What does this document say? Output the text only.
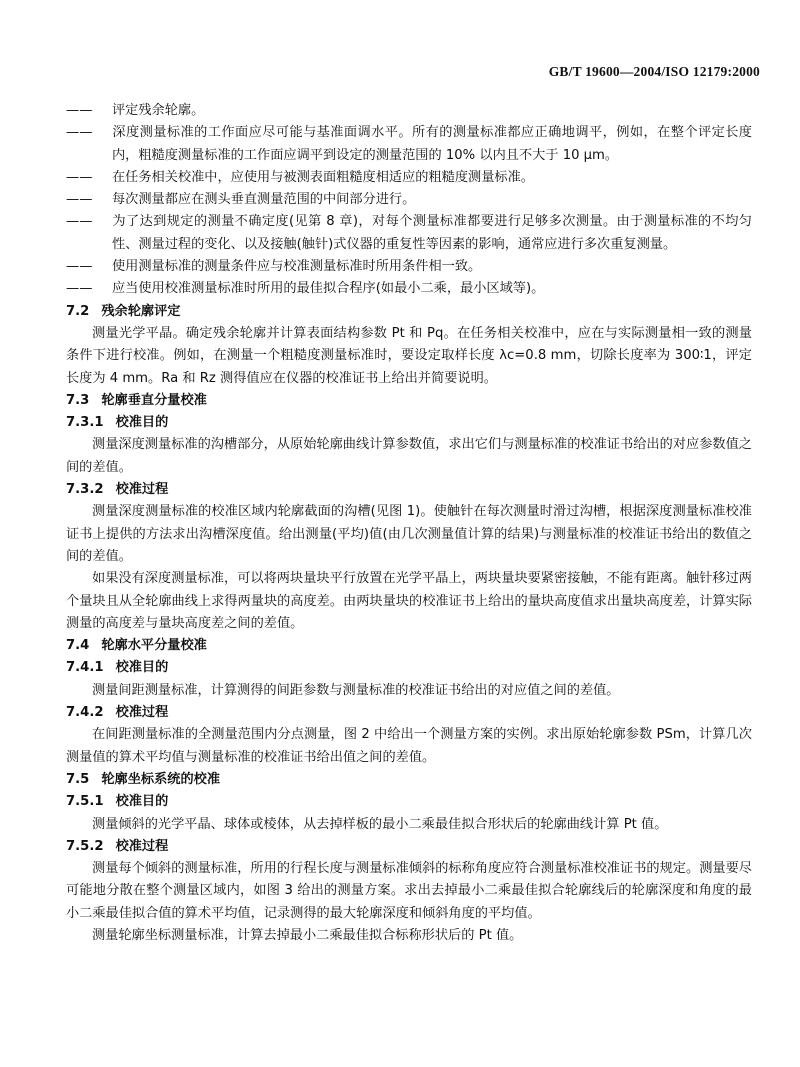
GB/T 19600—2004/ISO 12179:2000

—— 评定残余轮廓。

—— 深度测量标准的工作面应尽可能与基准面调水平。所有的测量标准都应正确地调平，例如，在整个评定长度内，粗糙度测量标准的工作面应调平到设定的测量范围的 10% 以内且不大于 10 μm。

—— 在任务相关校准中，应使用与被测表面粗糙度相适应的粗糙度测量标准。

—— 每次测量都应在测头垂直测量范围的中间部分进行。

—— 为了达到规定的测量不确定度(见第 8 章)，对每个测量标准都要进行足够多次测量。由于测量标准的不均匀性、测量过程的变化、以及接触(触针)式仪器的重复性等因素的影响，通常应进行多次重复测量。

—— 使用测量标准的测量条件应与校准测量标准时所用条件相一致。

—— 应当使用校准测量标准时所用的最佳拟合程序(如最小二乘，最小区域等)。

7.2 残余轮廓评定

测量光学平晶。确定残余轮廓并计算表面结构参数 Pt 和 Pq。在任务相关校准中，应在与实际测量相一致的测量条件下进行校准。例如，在测量一个粗糙度测量标准时，要设定取样长度 λc=0.8 mm，切除长度率为 300∶1，评定长度为 4 mm。Ra 和 Rz 测得值应在仪器的校准证书上给出并简要说明。

7.3 轮廓垂直分量校准

7.3.1 校准目的

测量深度测量标准的沟槽部分，从原始轮廓曲线计算参数值，求出它们与测量标准的校准证书给出的对应参数值之间的差值。

7.3.2 校准过程

测量深度测量标准的校准区域内轮廓截面的沟槽(见图 1)。使触针在每次测量时滑过沟槽，根据深度测量标准校准证书上提供的方法求出沟槽深度值。给出测量(平均)值(由几次测量值计算的结果)与测量标准的校准证书给出的数值之间的差值。

如果没有深度测量标准，可以将两块量块平行放置在光学平晶上，两块量块要紧密接触，不能有距离。触针移过两个量块且从全轮廓曲线上求得两量块的高度差。由两块量块的校准证书上给出的量块高度值求出量块高度差，计算实际测量的高度差与量块高度差之间的差值。

7.4 轮廓水平分量校准

7.4.1 校准目的

测量间距测量标准，计算测得的间距参数与测量标准的校准证书给出的对应值之间的差值。

7.4.2 校准过程

在间距测量标准的全测量范围内分点测量，图 2 中给出一个测量方案的实例。求出原始轮廓参数 PSm，计算几次测量值的算术平均值与测量标准的校准证书给出值之间的差值。

7.5 轮廓坐标系统的校准

7.5.1 校准目的

测量倾斜的光学平晶、球体或棱体，从去掉样板的最小二乘最佳拟合形状后的轮廓曲线计算 Pt 值。

7.5.2 校准过程

测量每个倾斜的测量标准，所用的行程长度与测量标准倾斜的标称角度应符合测量标准校准证书的规定。测量要尽可能地分散在整个测量区域内，如图 3 给出的测量方案。求出去掉最小二乘最佳拟合轮廓线后的轮廓深度和角度的最小二乘最佳拟合值的算术平均值，记录测得的最大轮廓深度和倾斜角度的平均值。

测量轮廓坐标测量标准，计算去掉最小二乘最佳拟合标称形状后的 Pt 值。
